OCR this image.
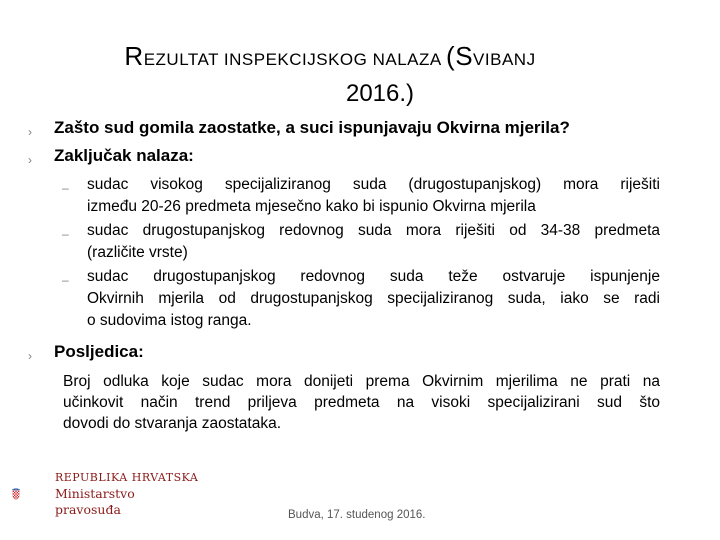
REZULTAT INSPEKCIJSKOG NALAZA (SVIBANJ
2016.)
› Zašto sud gomila zaostatke, a suci ispunjavaju Okvirna mjerila?
› Zaključak nalaza:
– sudac visokog specijaliziranog suda (drugostupanjskog) mora riješiti
između 20-26 predmeta mjesečno kako bi ispunio Okvirna mjerila
– sudac drugostupanjskog redovnog suda mora riješiti od 34-38 predmeta
(različite vrste)
– sudac drugostupanjskog redovnog suda teže ostvaruje ispunjenje
Okvirnih mjerila od drugostupanjskog specijaliziranog suda, iako se radi
o sudovima istog ranga.
› Posljedica:
Broj odluka koje sudac mora donijeti prema Okvirnim mjerilima ne prati na
učinkovit način trend priljeva predmeta na visoki specijalizirani sud što
dovodi do stvaranja zaostataka.
REPUBLIKA HRVATSKA
Ministarstvo
pravosuđa	Budva, 17. studenog 2016.
